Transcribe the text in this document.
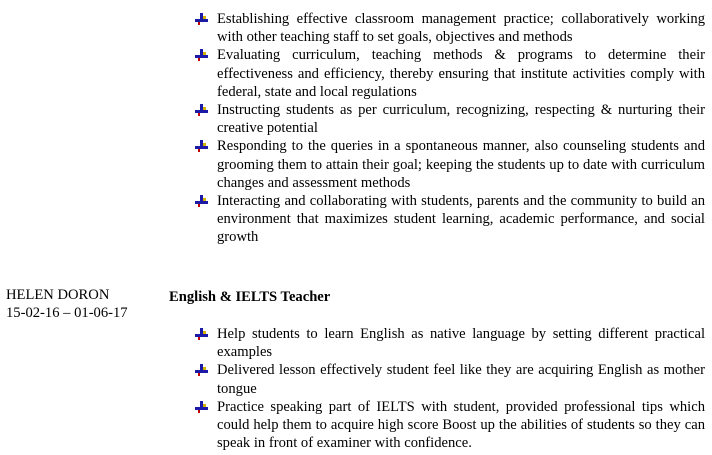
Establishing effective classroom management practice; collaboratively working with other teaching staff to set goals, objectives and methods
Evaluating curriculum, teaching methods & programs to determine their effectiveness and efficiency, thereby ensuring that institute activities comply with federal, state and local regulations
Instructing students as per curriculum, recognizing, respecting & nurturing their creative potential
Responding to the queries in a spontaneous manner, also counseling students and grooming them to attain their goal; keeping the students up to date with curriculum changes and assessment methods
Interacting and collaborating with students, parents and the community to build an environment that maximizes student learning, academic performance, and social growth
HELEN DORON
15-02-16 – 01-06-17
English & IELTS Teacher
Help students to learn English as native language by setting different practical examples
Delivered lesson effectively student feel like they are acquiring English as mother tongue
Practice speaking part of IELTS with student, provided professional tips which could help them to acquire high score Boost up the abilities of students so they can speak in front of examiner with confidence.
